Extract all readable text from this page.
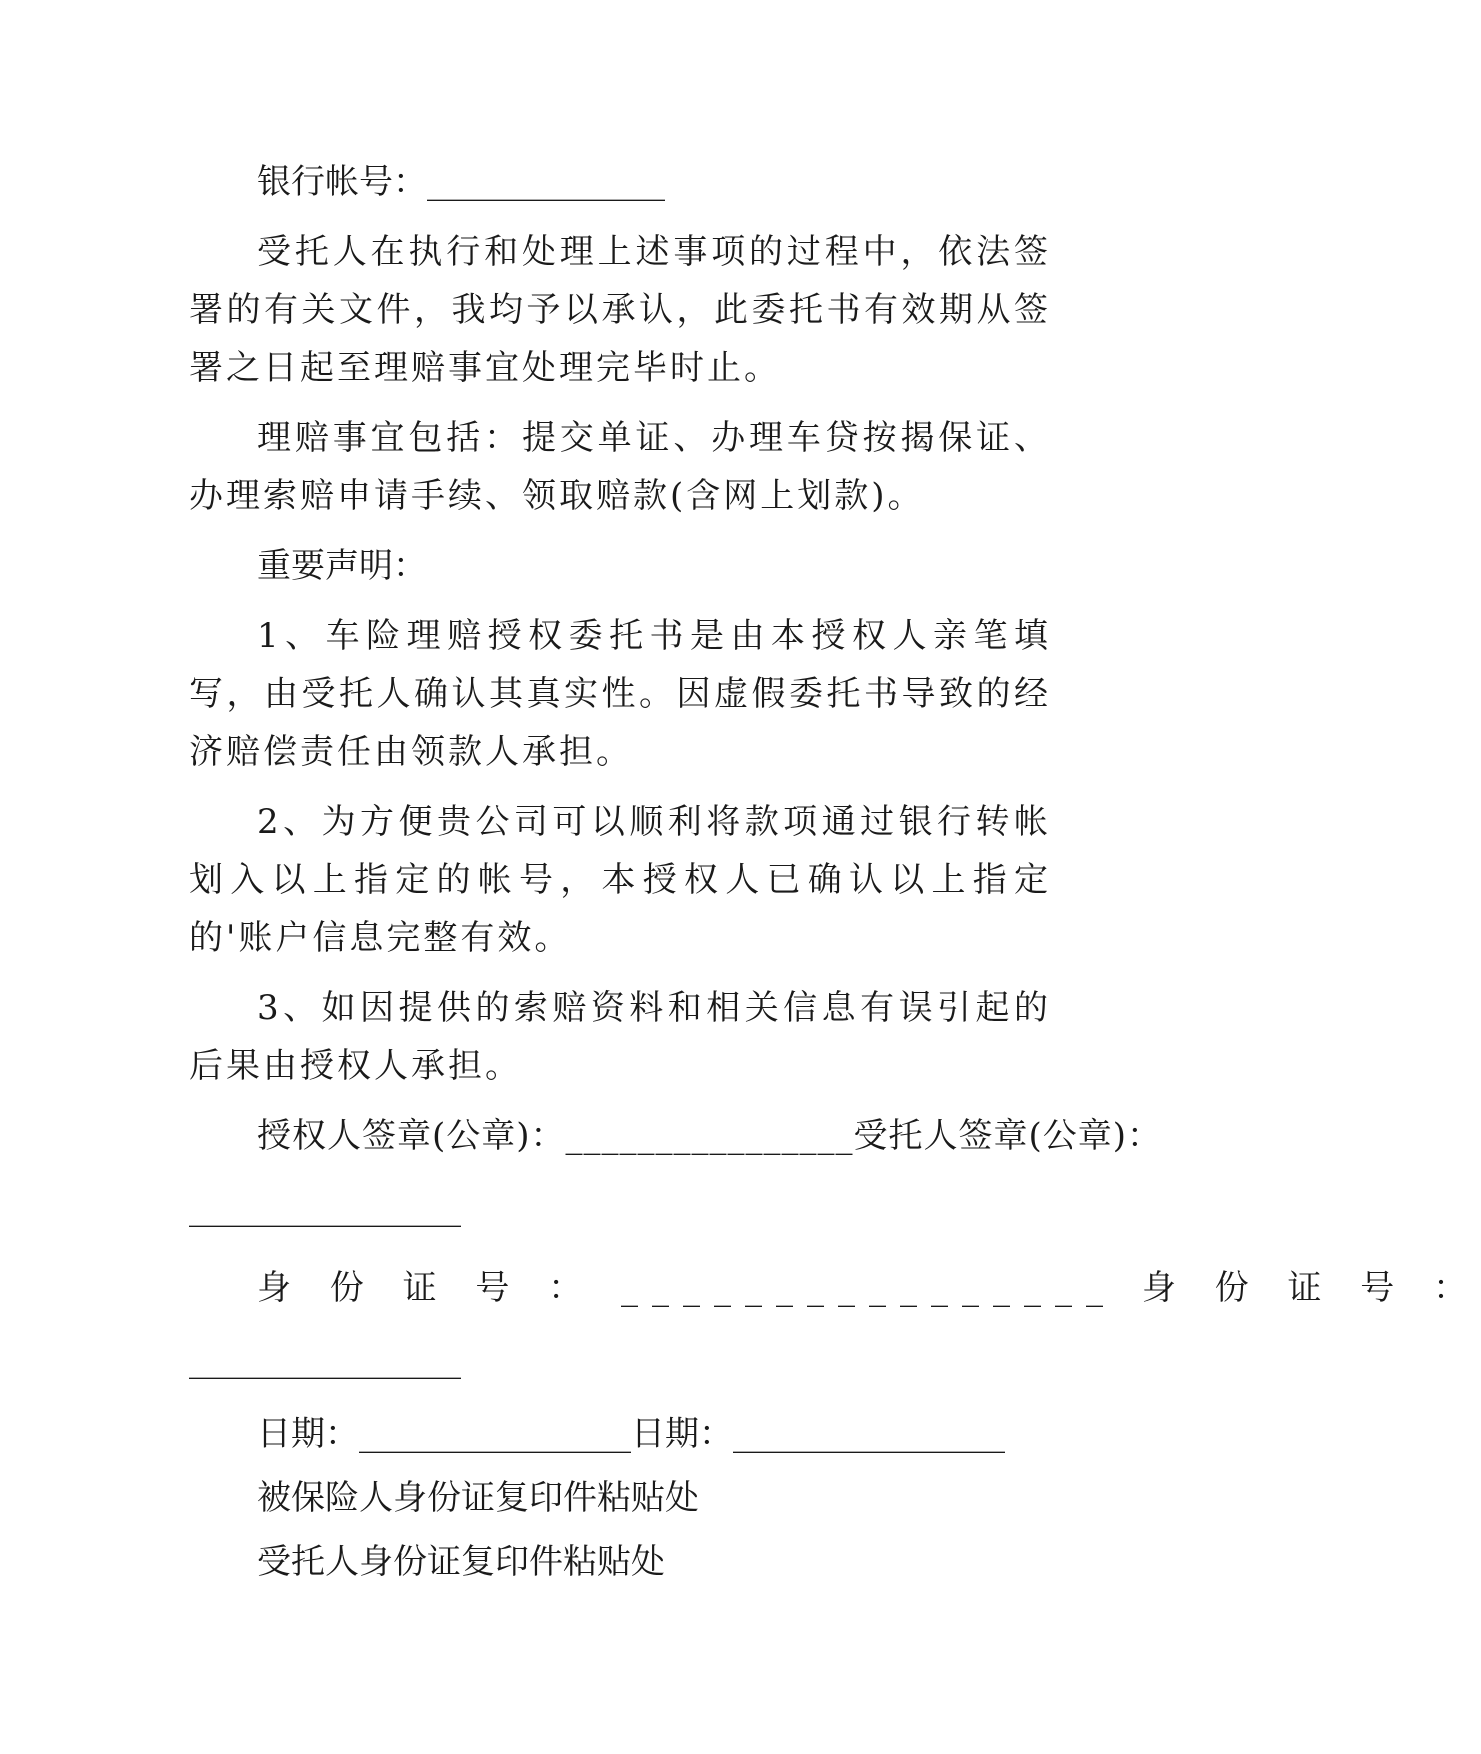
银行帐号：______________

受托人在执行和处理上述事项的过程中，依法签署的有关文件，我均予以承认，此委托书有效期从签署之日起至理赔事宜处理完毕时止。

理赔事宜包括：提交单证、办理车贷按揭保证、办理索赔申请手续、领取赔款(含网上划款)。

重要声明：

1、车险理赔授权委托书是由本授权人亲笔填写，由受托人确认其真实性。因虚假委托书导致的经济赔偿责任由领款人承担。

2、为方便贵公司可以顺利将款项通过银行转帐划入以上指定的帐号，本授权人已确认以上指定的'账户信息完整有效。

3、如因提供的索赔资料和相关信息有误引起的后果由授权人承担。

授权人签章(公章)：________________受托人签章(公章)：

________________

身 份 证 号 ： ________________ 身 份 证 号 ：

________________

日期：________________日期：________________

被保险人身份证复印件粘贴处

受托人身份证复印件粘贴处
